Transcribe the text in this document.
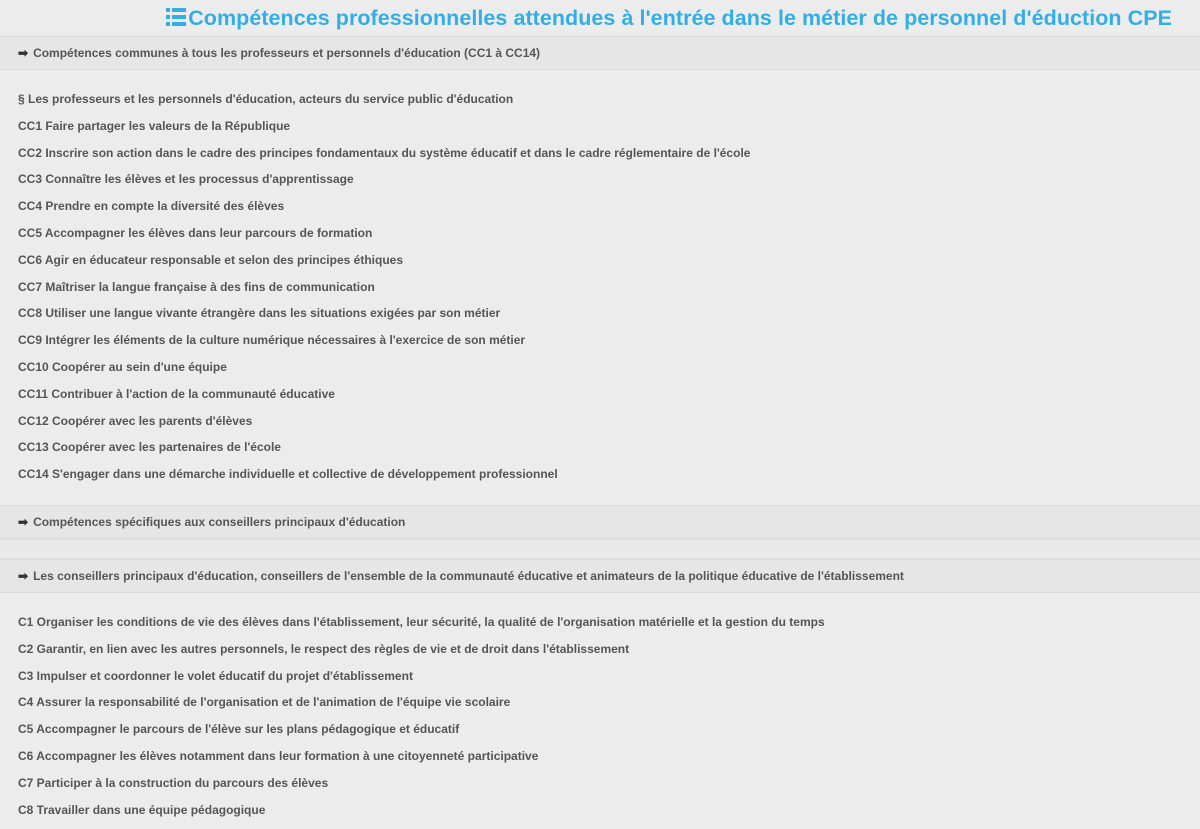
Compétences professionnelles attendues à l'entrée dans le métier de personnel d'éduction CPE
➡ Compétences communes à tous les professeurs et personnels d'éducation (CC1 à CC14)
§ Les professeurs et les personnels d'éducation, acteurs du service public d'éducation
CC1 Faire partager les valeurs de la République
CC2 Inscrire son action dans le cadre des principes fondamentaux du système éducatif et dans le cadre réglementaire de l'école
CC3 Connaître les élèves et les processus d'apprentissage
CC4 Prendre en compte la diversité des élèves
CC5 Accompagner les élèves dans leur parcours de formation
CC6 Agir en éducateur responsable et selon des principes éthiques
CC7 Maîtriser la langue française à des fins de communication
CC8 Utiliser une langue vivante étrangère dans les situations exigées par son métier
CC9 Intégrer les éléments de la culture numérique nécessaires à l'exercice de son métier
CC10 Coopérer au sein d'une équipe
CC11 Contribuer à l'action de la communauté éducative
CC12 Coopérer avec les parents d'élèves
CC13 Coopérer avec les partenaires de l'école
CC14 S'engager dans une démarche individuelle et collective de développement professionnel
➡ Compétences spécifiques aux conseillers principaux d'éducation
➡ Les conseillers principaux d'éducation, conseillers de l'ensemble de la communauté éducative et animateurs de la politique éducative de l'établissement
C1 Organiser les conditions de vie des élèves dans l'établissement, leur sécurité, la qualité de l'organisation matérielle et la gestion du temps
C2 Garantir, en lien avec les autres personnels, le respect des règles de vie et de droit dans l'établissement
C3 Impulser et coordonner le volet éducatif du projet d'établissement
C4 Assurer la responsabilité de l'organisation et de l'animation de l'équipe vie scolaire
C5 Accompagner le parcours de l'élève sur les plans pédagogique et éducatif
C6 Accompagner les élèves notamment dans leur formation à une citoyenneté participative
C7 Participer à la construction du parcours des élèves
C8 Travailler dans une équipe pédagogique
